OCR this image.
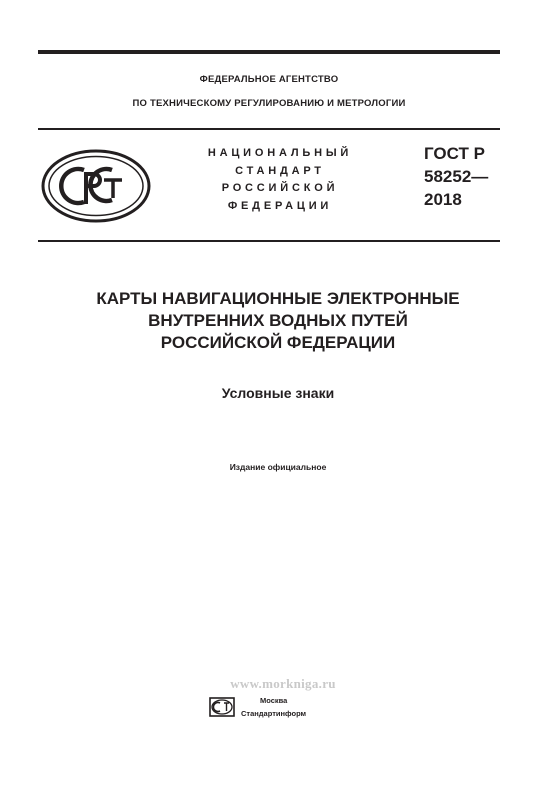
ФЕДЕРАЛЬНОЕ АГЕНТСТВО
ПО ТЕХНИЧЕСКОМУ РЕГУЛИРОВАНИЮ И МЕТРОЛОГИИ
НАЦИОНАЛЬНЫЙ
СТАНДАРТ
РОССИЙСКОЙ
ФЕДЕРАЦИИ
ГОСТ Р
58252—
2018
КАРТЫ НАВИГАЦИОННЫЕ ЭЛЕКТРОННЫЕ
ВНУТРЕННИХ ВОДНЫХ ПУТЕЙ
РОССИЙСКОЙ ФЕДЕРАЦИИ
Условные знаки
Издание официальное
www.morkniga.ru
Москва
Стандартинформ
